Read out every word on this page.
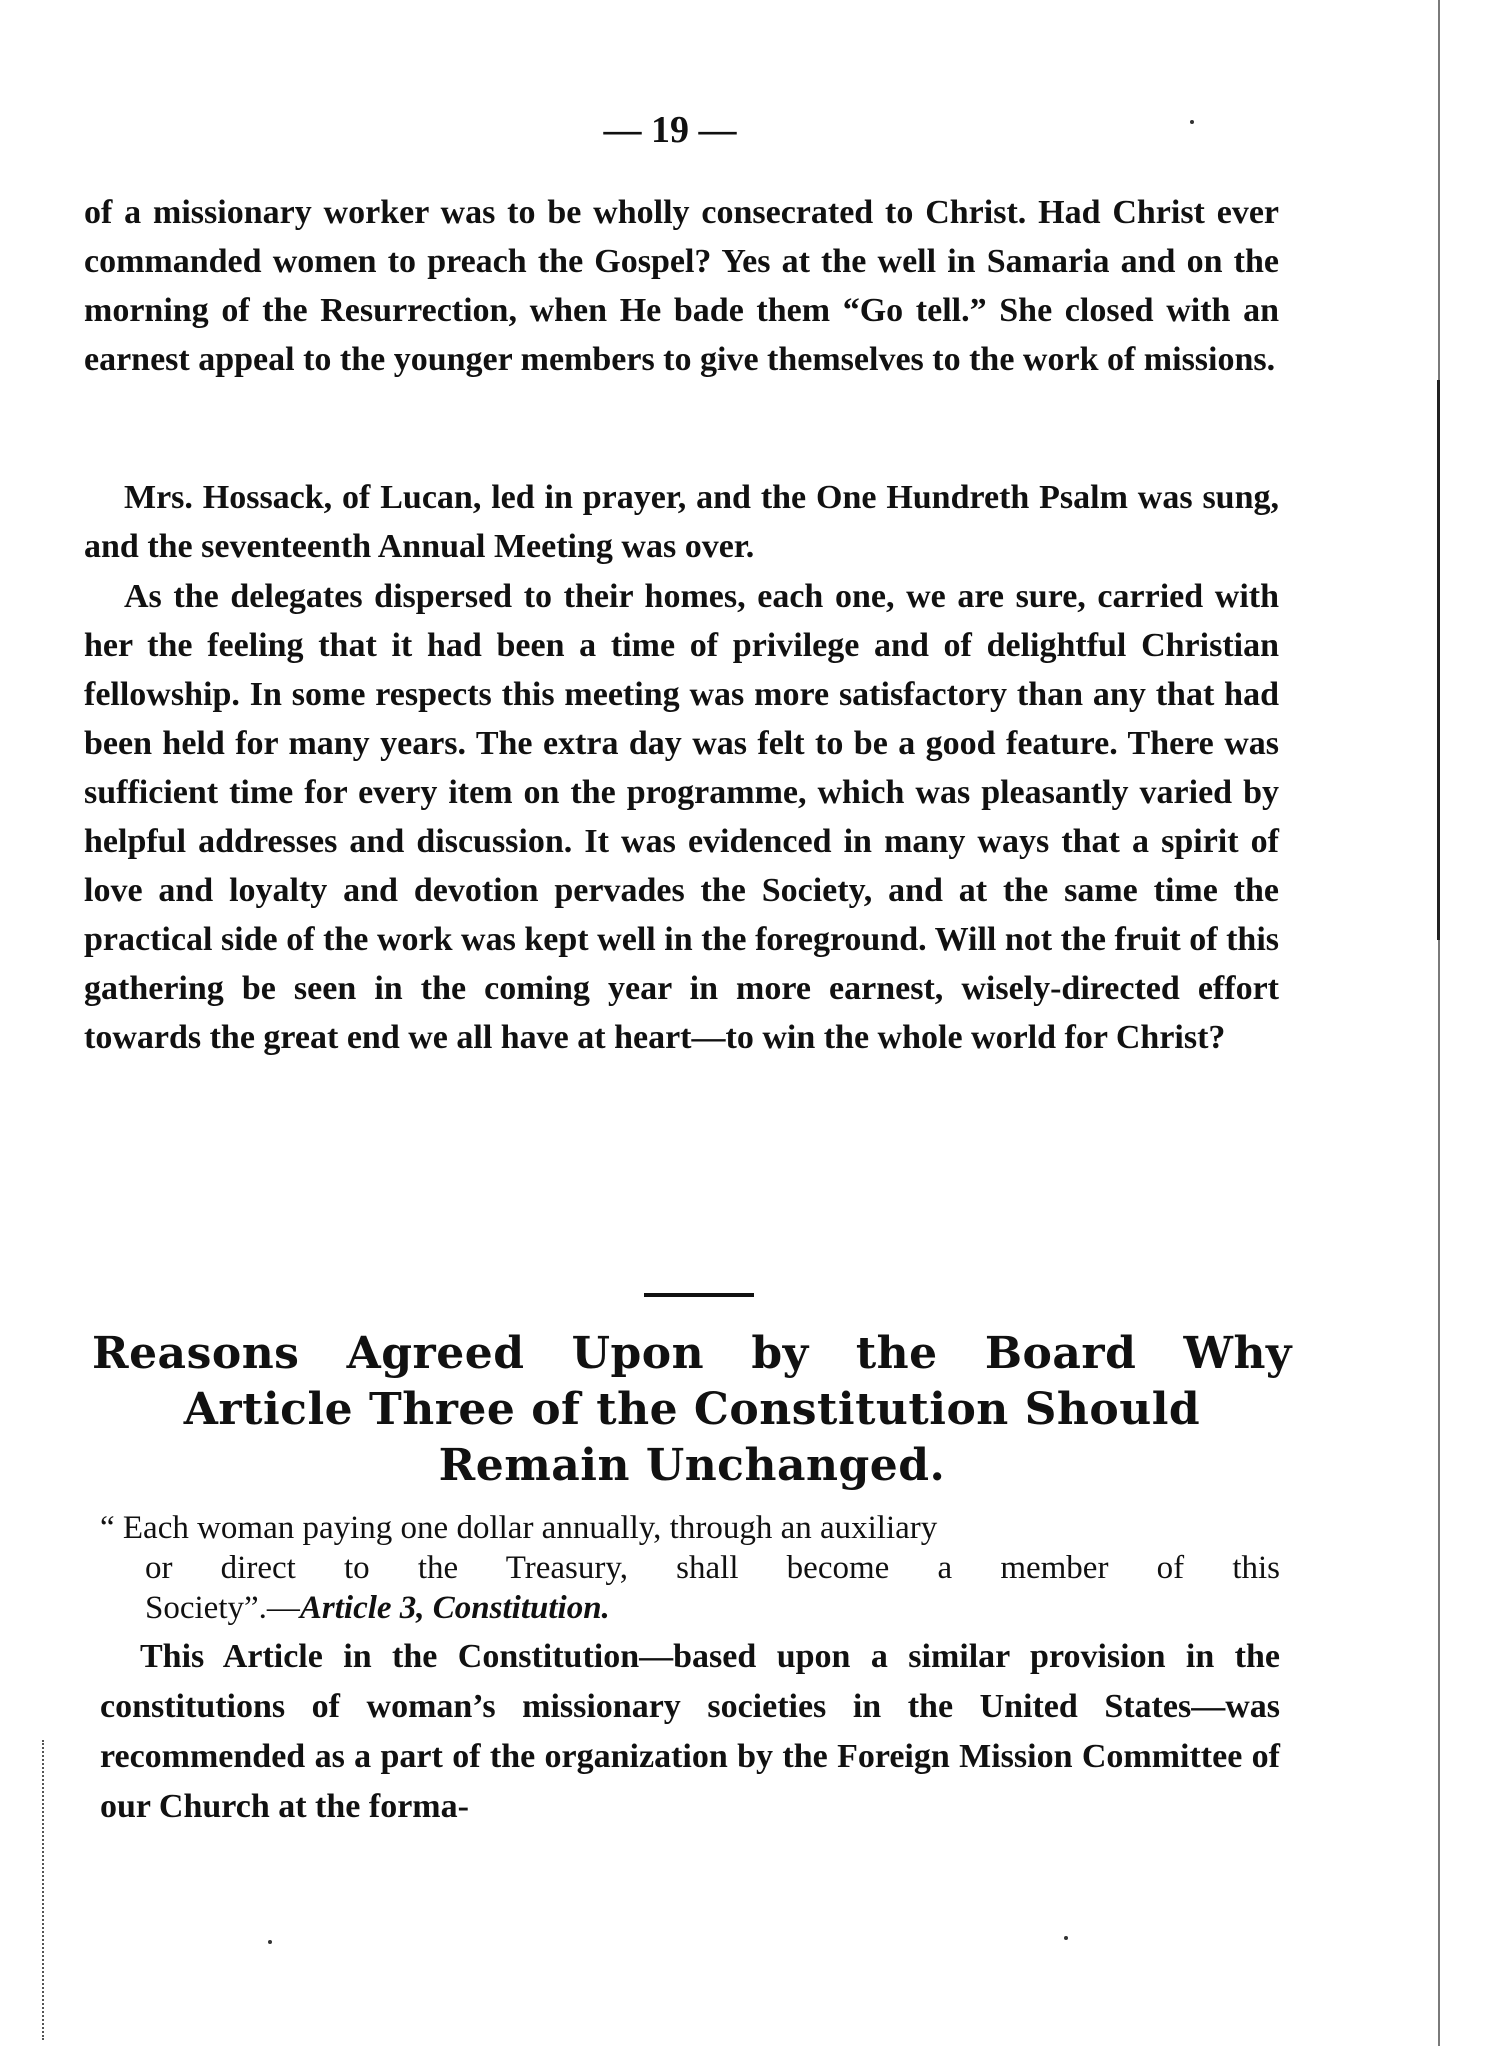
— 19 —

of a missionary worker was to be wholly consecrated to Christ. Had Christ ever commanded women to preach the Gospel? Yes at the well in Samaria and on the morning of the Resurrection, when He bade them “Go tell.” She closed with an earnest appeal to the younger members to give themselves to the work of missions.

Mrs. Hossack, of Lucan, led in prayer, and the One Hundreth Psalm was sung, and the seventeenth Annual Meeting was over.

As the delegates dispersed to their homes, each one, we are sure, carried with her the feeling that it had been a time of privilege and of delightful Christian fellowship. In some respects this meeting was more satisfactory than any that had been held for many years. The extra day was felt to be a good feature. There was sufficient time for every item on the programme, which was pleasantly varied by helpful addresses and discussion. It was evidenced in many ways that a spirit of love and loyalty and devotion pervades the Society, and at the same time the practical side of the work was kept well in the foreground. Will not the fruit of this gathering be seen in the coming year in more earnest, wisely-directed effort towards the great end we all have at heart—to win the whole world for Christ?

Reasons Agreed Upon by the Board Why
Article Three of the Constitution Should
Remain Unchanged.
“ Each woman paying one dollar annually, through an auxiliary
or direct to the Treasury, shall become a member of this
Society”.—Article 3, Constitution.

This Article in the Constitution—based upon a similar provision in the constitutions of woman’s missionary societies in the United States—was recommended as a part of the organization by the Foreign Mission Committee of our Church at the forma-
